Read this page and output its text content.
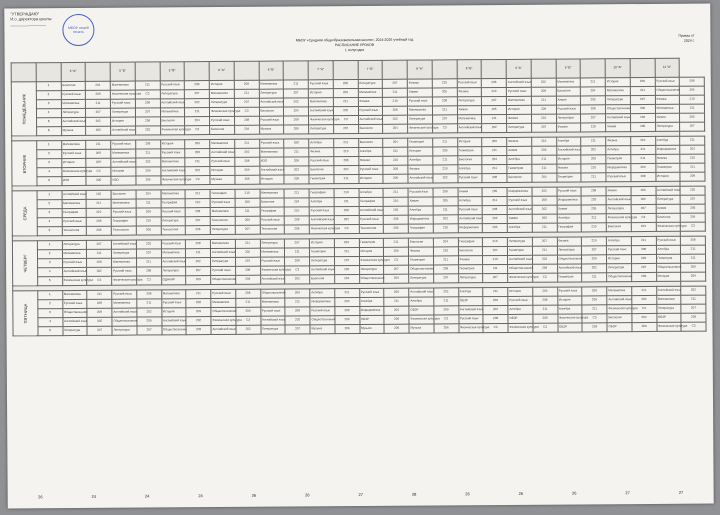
"УТВЕРЖДАЮ"
И.о. директора школы
________________
МБОУ лицей печать
МБОУ «Средняя общеобразовательная школа», 2024-2025 учебный год
РАСПИСАНИЕ УРОКОВ
1 полугодие
Приказ от
2024 г.
		5 "А"		5 "Б"		5 "В"		6 "А"		6 "Б"		7 "А"		7 "Б"		8 "А"		8 "Б"		9 "А"		9 "Б"		10 "А"		11 "А"	
ПОНЕДЕЛЬНИК	1	Биология	204	Математика	211	Русский язык	208	История	209	Математика	211	Русский язык	208	Литература	207	Физика	210	Русский язык	208	Английский язык	202	Математика	211	История	209	Русский язык	208
	2	Русский язык	208	Физическая культура	СЗ	Литература	207	Математика	211	Литература	207	История	209	Математика	211	Химия	205	Физика	210	Русский язык	208	Биология	204	Математика	211	Обществознание	209
	3	Математика	211	Русский язык	208	Английский язык	202	Литература	207	Английский язык	202	Математика	211	Физика	210	Русский язык	208	Литература	207	Математика	211	Химия	205	Литература	207	Физика	210
	4	Литература	207	Литература	207	Математика	211	Физическая культура	СЗ	Биология	204	Английский язык	202	Русский язык	208	Математика	211	Химия	205	История	209	Русский язык	208	Обществознание	209	Математика	211
	5	Английский язык	202	История	209	Биология	204	Русский язык	208	Русский язык	208	Физическая культура	СЗ	Английский язык	202	Литература	207	Математика	211	Физика	210	Литература	207	Английский язык	202	Химия	205
	6	Музыка	206	Английский язык	202	Физическая культура	СЗ	Биология	204	Музыка	206	Литература	207	Биология	204	Физическая культура	СЗ	Английский язык	202	Литература	207	Физика	210	Химия	205	Литература	207

ВТОРНИК	1	Математика	211	Русский язык	208	История	209	Математика	211	Русский язык	208	Алгебра	211	Биология	204	Геометрия	211	История	209	Физика	210	Алгебра	211	Физика	210	Алгебра	211
	2	Русский язык	208	Математика	211	Русский язык	208	Английский язык	202	Математика	211	Физика	210	Алгебра	211	История	209	Геометрия	211	Химия	205	Английский язык	202	Алгебра	211	Информатика	203
	3	История	209	Английский язык	202	Математика	211	Русский язык	208	ИЗО	206	Русский язык	208	Физика	210	Алгебра	211	Биология	204	Алгебра	211	История	209	Геометрия	211	Физика	210
	4	Физическая культура	СЗ	История	209	Английский язык	202	История	209	Английский язык	202	Биология	204	Русский язык	208	Физика	210	Алгебра	211	Геометрия	211	Физика	210	Информатика	203	Геометрия	211
	5	ИЗО	206	ИЗО	206	Физическая культура	СЗ	Музыка	206	История	209	Геометрия	211	История	209	Английский язык	202	Русский язык	208	Биология	204	Геометрия	211	Русский язык	208	История	209

СРЕДА	1	Английский язык	202	Биология	204	Математика	211	География	210	Математика	211	География	210	Алгебра	211	Русский язык	208	Химия	205	Информатика	203	Русский язык	208	Химия	205	Английский язык	202
	2	Математика	211	Математика	211	География	210	Русский язык	208	Биология	204	Алгебра	211	География	210	Химия	205	Алгебра	211	Русский язык	208	Информатика	203	Английский язык	202	Литература	207
	3	География	210	Русский язык	208	Русский язык	208	Математика	211	География	210	Русский язык	208	Английский язык	202	Алгебра	211	Русский язык	208	Английский язык	202	Химия	205	Литература	207	Химия	205
	4	Русский язык	208	География	210	Литература	207	Технология	206	Русский язык	208	Английский язык	202	Русский язык	208	Информатика	203	Английский язык	202	Химия	205	Алгебра	211	Физическая культура	СЗ	Биология	204
	5	Технология	206	Технология	206	Технология	206	Литература	207	Технология	206	Физическая культура	СЗ	Технология	206	География	210	Информатика	203	Алгебра	211	География	210	Биология	204	Физическая культура	СЗ

ЧЕТВЕРГ	1	Литература	207	Английский язык	202	Русский язык	208	Математика	211	Литература	207	История	209	Геометрия	211	Биология	204	География	210	Литература	207	Физика	210	Алгебра	211	Русский язык	208
	2	Математика	211	Литература	207	Математика	211	Английский язык	202	Математика	211	Геометрия	211	История	209	Физика	210	Биология	204	Геометрия	211	Литература	207	Русский язык	208	Алгебра	211
	3	Русский язык	208	Математика	211	Английский язык	202	Литература	207	Русский язык	208	Литература	207	Физическая культура	СЗ	Геометрия	211	Физика	210	Английский язык	202	Обществознание	209	История	209	Геометрия	211
	4	Английский язык	202	Русский язык	208	Литература	207	Русский язык	208	Физическая культура	СЗ	Английский язык	202	Литература	207	Обществознание	209	Геометрия	211	Обществознание	209	Английский язык	202	Литература	207	Обществознание	209
	5	Физическая культура	СЗ	Физическая культура	СЗ	ОДНКНР	209	Обществознание	209	Английский язык	202	Биология	204	Обществознание	209	Литература	207	Литература	207	Физическая культура	СЗ	Геометрия	211	Обществознание	209	История	209

ПЯТНИЦА	1	Математика	211	Русский язык	208	Математика	211	Русский язык	208	Обществознание	209	Алгебра	211	Русский язык	208	Английский язык	202	Алгебра	211	История	209	Русский язык	208	Математика	211	Английский язык	202
	2	Русский язык	208	Математика	211	Русский язык	208	Математика	211	Математика	211	Информатика	203	Алгебра	211	Алгебра	211	ОБЗР	209	Русский язык	208	История	209	Английский язык	202	Математика	211
	3	Обществознание	209	Английский язык	202	История	209	Обществознание	209	Русский язык	208	Русский язык	208	Информатика	203	ОБЗР	209	Английский язык	202	Алгебра	211	Алгебра	211	Физическая культура	СЗ	Литература	207
	4	Английский язык	202	Обществознание	209	Английский язык	202	Физическая культура	СЗ	Английский язык	202	Обществознание	209	ОБЗР	209	Физическая культура	СЗ	Русский язык	208	ОБЗР	209	Физическая культура	СЗ	Биология	204	ОБЗР	209
	5	Литература	207	Литература	207	Обществознание	209	Английский язык	202	Литература	207	Музыка	206	Музыка	206	Музыка	206	Физическая культура	СЗ	Физическая культура	СЗ	ОБЗР	209	ОБЗР	209	Физическая культура	СЗ
26	24	24	24	26	26	27	28	26	26	26	27	27
